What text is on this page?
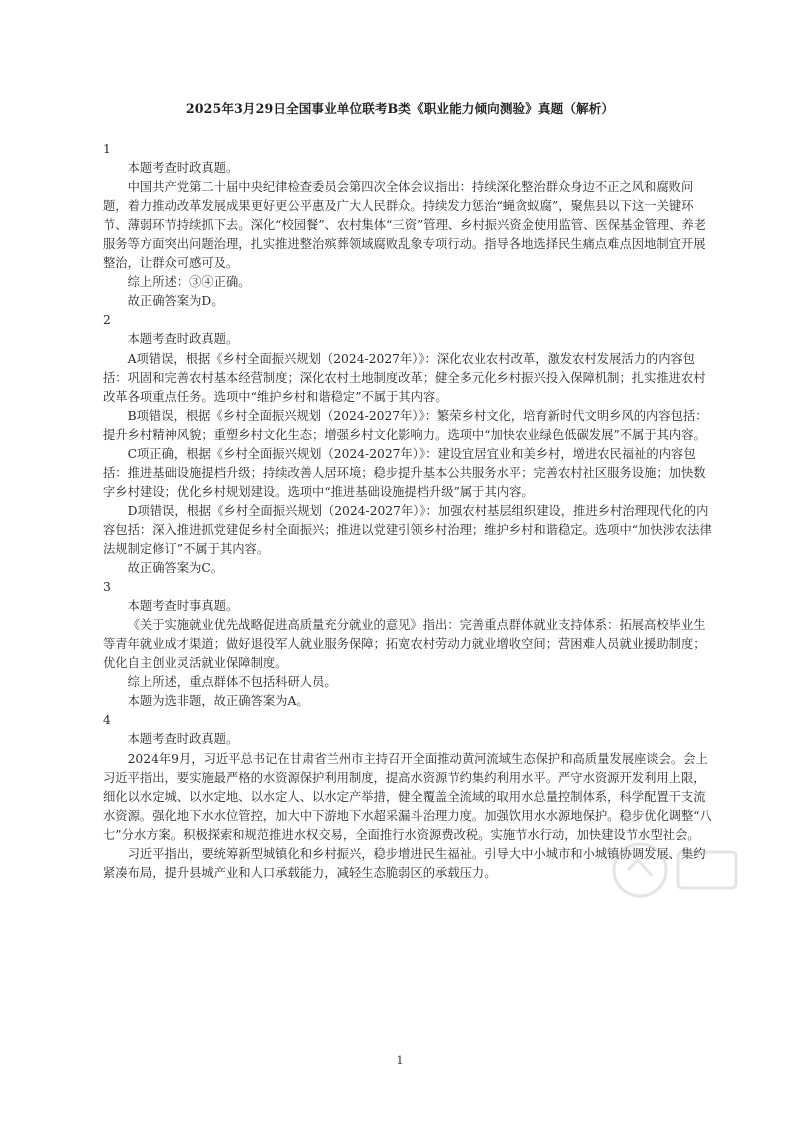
2025年3月29日全国事业单位联考B类《职业能力倾向测验》真题（解析）

1

本题考查时政真题。

中国共产党第二十届中央纪律检查委员会第四次全体会议指出：持续深化整治群众身边不正之风和腐败问题，着力推动改革发展成果更好更公平惠及广大人民群众。持续发力惩治“蝇贪蚁腐”，聚焦县以下这一关键环节、薄弱环节持续抓下去。深化“校园餐”、农村集体“三资”管理、乡村振兴资金使用监管、医保基金管理、养老服务等方面突出问题治理，扎实推进整治殡葬领域腐败乱象专项行动。指导各地选择民生痛点难点因地制宜开展整治，让群众可感可及。

综上所述：③④正确。

故正确答案为D。

2

本题考查时政真题。

A项错误，根据《乡村全面振兴规划（2024-2027年）》：深化农业农村改革，激发农村发展活力的内容包括：巩固和完善农村基本经营制度；深化农村土地制度改革；健全多元化乡村振兴投入保障机制；扎实推进农村改革各项重点任务。选项中“维护乡村和谐稳定”不属于其内容。

B项错误，根据《乡村全面振兴规划（2024-2027年）》：繁荣乡村文化，培育新时代文明乡风的内容包括：提升乡村精神风貌；重塑乡村文化生态；增强乡村文化影响力。选项中“加快农业绿色低碳发展”不属于其内容。

C项正确，根据《乡村全面振兴规划（2024-2027年）》：建设宜居宜业和美乡村，增进农民福祉的内容包括：推进基础设施提档升级；持续改善人居环境；稳步提升基本公共服务水平；完善农村社区服务设施；加快数字乡村建设；优化乡村规划建设。选项中“推进基础设施提档升级”属于其内容。

D项错误，根据《乡村全面振兴规划（2024-2027年）》：加强农村基层组织建设，推进乡村治理现代化的内容包括：深入推进抓党建促乡村全面振兴；推进以党建引领乡村治理；维护乡村和谐稳定。选项中“加快涉农法律法规制定修订”不属于其内容。

故正确答案为C。

3

本题考查时事真题。

《关于实施就业优先战略促进高质量充分就业的意见》指出：完善重点群体就业支持体系：拓展高校毕业生等青年就业成才渠道；做好退役军人就业服务保障；拓宽农村劳动力就业增收空间；营困难人员就业援助制度；优化自主创业灵活就业保障制度。

综上所述，重点群体不包括科研人员。

本题为选非题，故正确答案为A。

4

本题考查时政真题。

2024年9月，习近平总书记在甘肃省兰州市主持召开全面推动黄河流域生态保护和高质量发展座谈会。会上习近平指出，要实施最严格的水资源保护利用制度，提高水资源节约集约利用水平。严守水资源开发利用上限，细化以水定城、以水定地、以水定人、以水定产举措，健全覆盖全流域的取用水总量控制体系，科学配置干支流水资源。强化地下水水位管控，加大中下游地下水超采漏斗治理力度。加强饮用水水源地保护。稳步优化调整“八七”分水方案。积极探索和规范推进水权交易，全面推行水资源费改税。实施节水行动，加快建设节水型社会。

习近平指出，要统筹新型城镇化和乡村振兴，稳步增进民生福祉。引导大中小城市和小城镇协调发展、集约紧凑布局，提升县城产业和人口承载能力，减轻生态脆弱区的承载压力。

1
